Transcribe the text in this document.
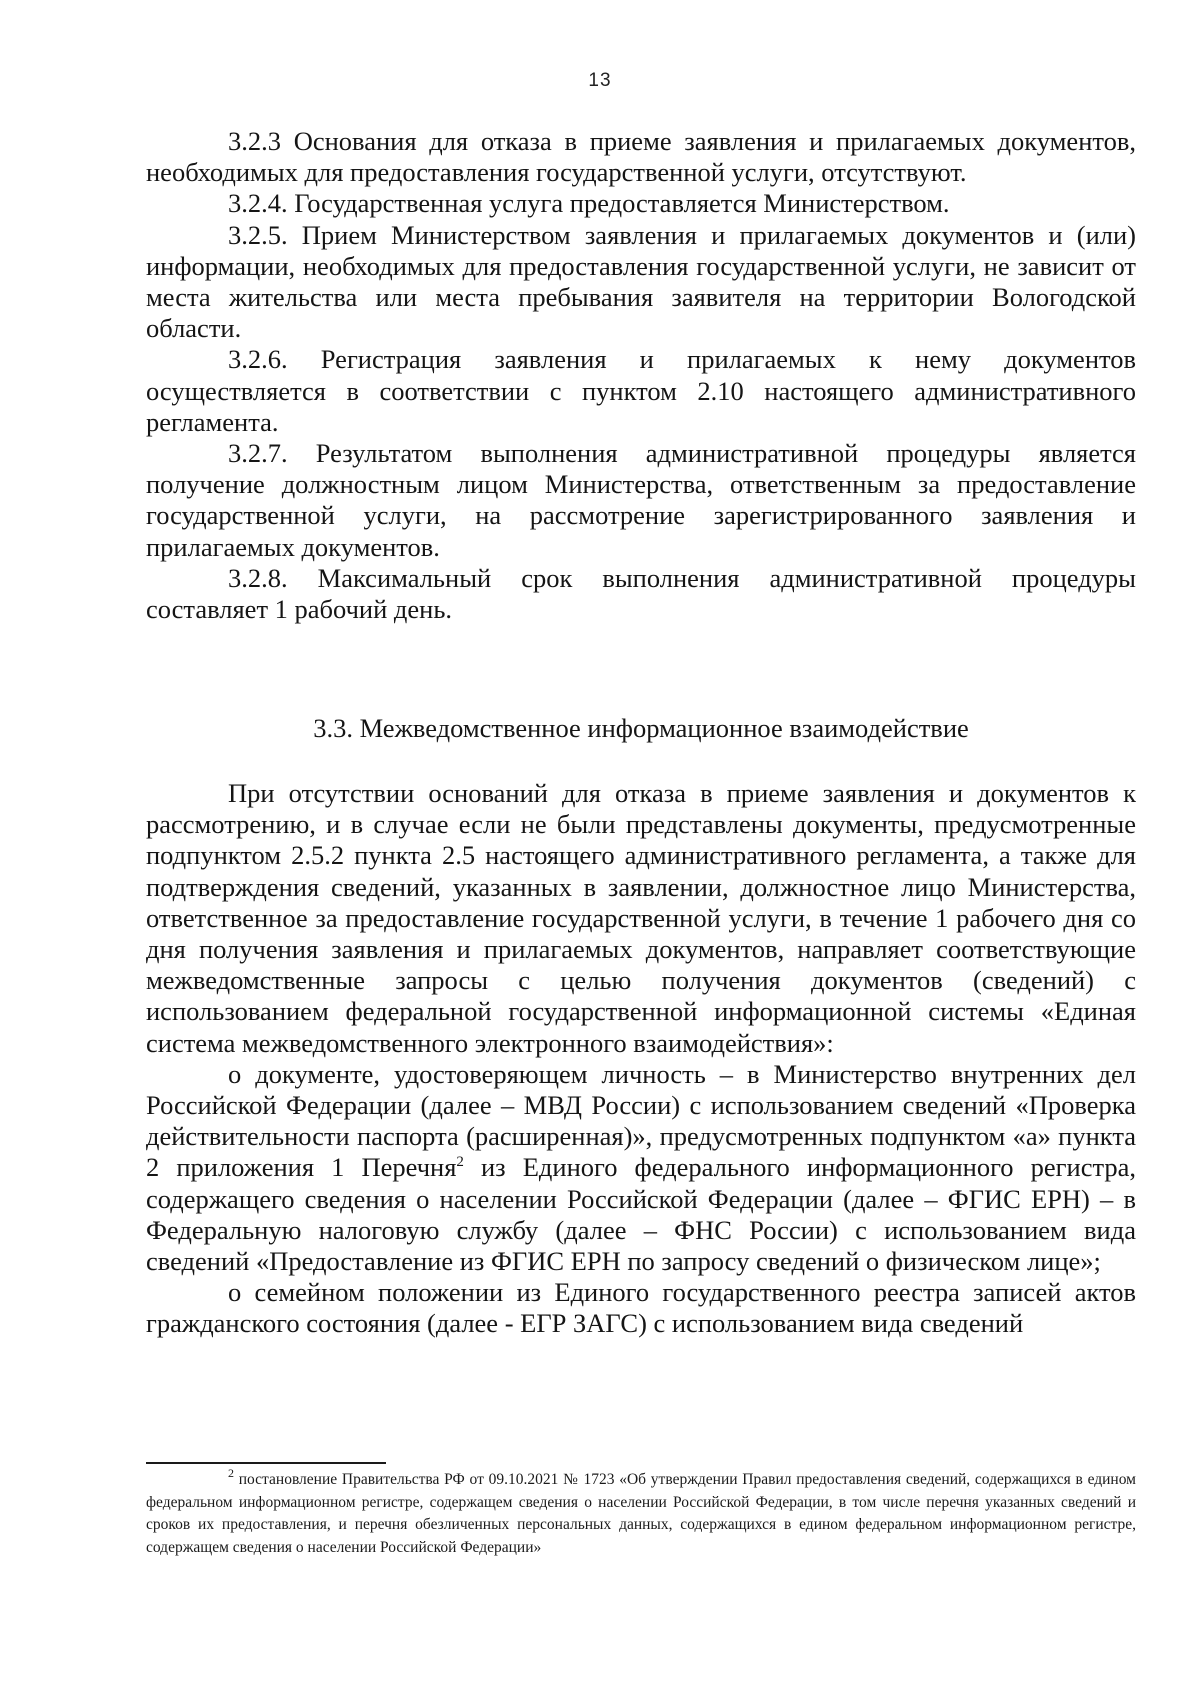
13

3.2.3 Основания для отказа в приеме заявления и прилагаемых документов, необходимых для предоставления государственной услуги, отсутствуют.

3.2.4. Государственная услуга предоставляется Министерством.

3.2.5. Прием Министерством заявления и прилагаемых документов и (или) информации, необходимых для предоставления государственной услуги, не зависит от места жительства или места пребывания заявителя на территории Вологодской области.

3.2.6. Регистрация заявления и прилагаемых к нему документов осуществляется в соответствии с пунктом 2.10 настоящего административного регламента.

3.2.7. Результатом выполнения административной процедуры является получение должностным лицом Министерства, ответственным за предоставление государственной услуги, на рассмотрение зарегистрированного заявления и прилагаемых документов.

3.2.8. Максимальный срок выполнения административной процедуры составляет 1 рабочий день.

3.3. Межведомственное информационное взаимодействие

При отсутствии оснований для отказа в приеме заявления и документов к рассмотрению, и в случае если не были представлены документы, предусмотренные подпунктом 2.5.2 пункта 2.5 настоящего административного регламента, а также для подтверждения сведений, указанных в заявлении, должностное лицо Министерства, ответственное за предоставление государственной услуги, в течение 1 рабочего дня со дня получения заявления и прилагаемых документов, направляет соответствующие межведомственные запросы с целью получения документов (сведений) с использованием федеральной государственной информационной системы «Единая система межведомственного электронного взаимодействия»:

о документе, удостоверяющем личность – в Министерство внутренних дел Российской Федерации (далее – МВД России) с использованием сведений «Проверка действительности паспорта (расширенная)», предусмотренных подпунктом «а» пункта 2 приложения 1 Перечня$^2$ из Единого федерального информационного регистра, содержащего сведения о населении Российской Федерации (далее – ФГИС ЕРН) – в Федеральную налоговую службу (далее – ФНС России) с использованием вида сведений «Предоставление из ФГИС ЕРН по запросу сведений о физическом лице»;

о семейном положении из Единого государственного реестра записей актов гражданского состояния (далее - ЕГР ЗАГС) с использованием вида сведений

$^2$ постановление Правительства РФ от 09.10.2021 № 1723 «Об утверждении Правил предоставления сведений, содержащихся в едином федеральном информационном регистре, содержащем сведения о населении Российской Федерации, в том числе перечня указанных сведений и сроков их предоставления, и перечня обезличенных персональных данных, содержащихся в едином федеральном информационном регистре, содержащем сведения о населении Российской Федерации»
